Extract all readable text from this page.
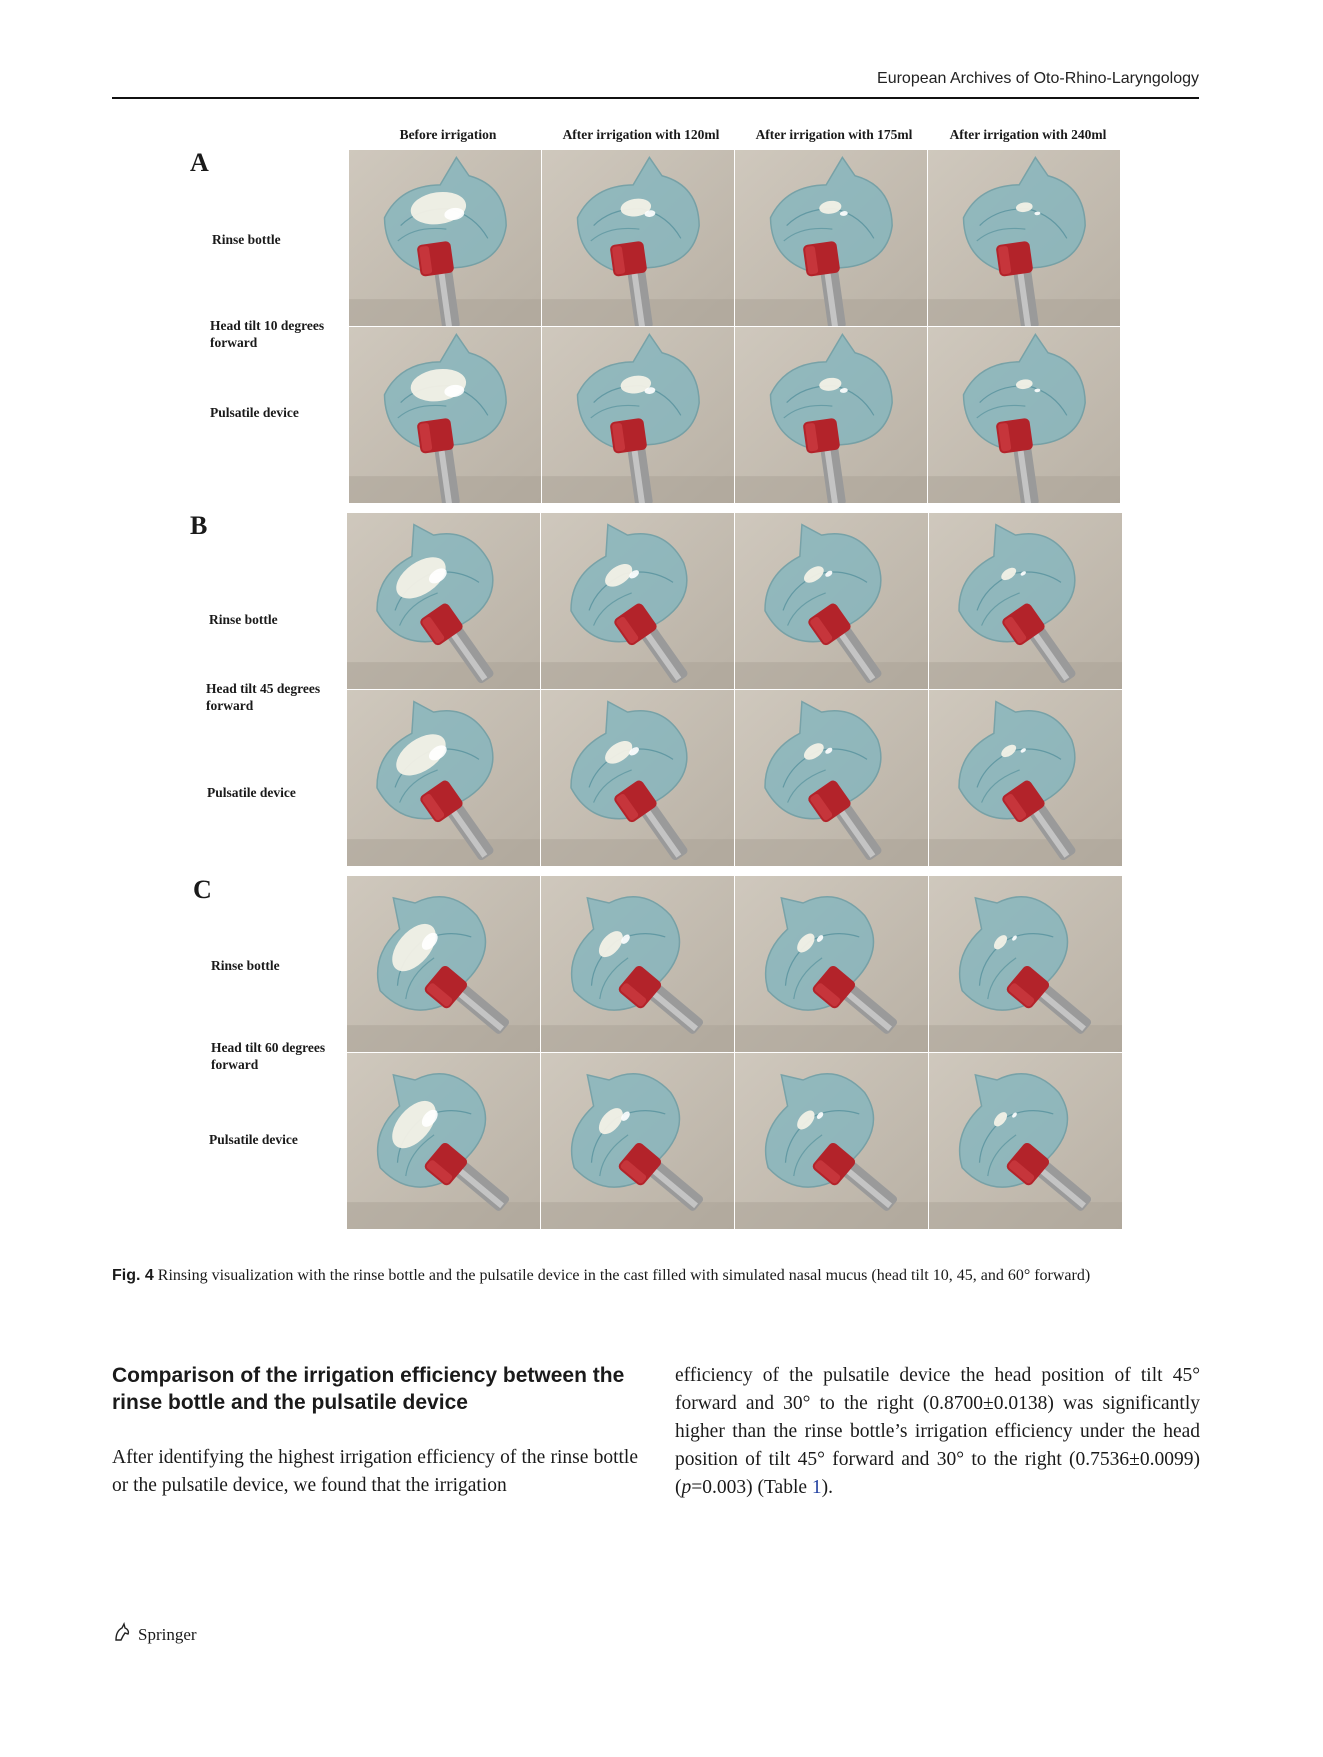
European Archives of Oto-Rhino-Laryngology
Before irrigation	After irrigation with 120ml	After irrigation with 175ml	After irrigation with 240ml
A
Rinse bottle
Head tilt 10 degrees forward
Pulsatile device
B
Rinse bottle
Head tilt 45 degrees forward
Pulsatile device
C
Rinse bottle
Head tilt 60 degrees forward
Pulsatile device
Fig. 4 Rinsing visualization with the rinse bottle and the pulsatile device in the cast filled with simulated nasal mucus (head tilt 10, 45, and 60° forward)
Comparison of the irrigation efficiency between the rinse bottle and the pulsatile device
After identifying the highest irrigation efficiency of the rinse bottle or the pulsatile device, we found that the irrigation
efficiency of the pulsatile device the head position of tilt 45° forward and 30° to the right (0.8700±0.0138) was significantly higher than the rinse bottle’s irrigation efficiency under the head position of tilt 45° forward and 30° to the right (0.7536±0.0099) (p=0.003) (Table 1).
Springer
